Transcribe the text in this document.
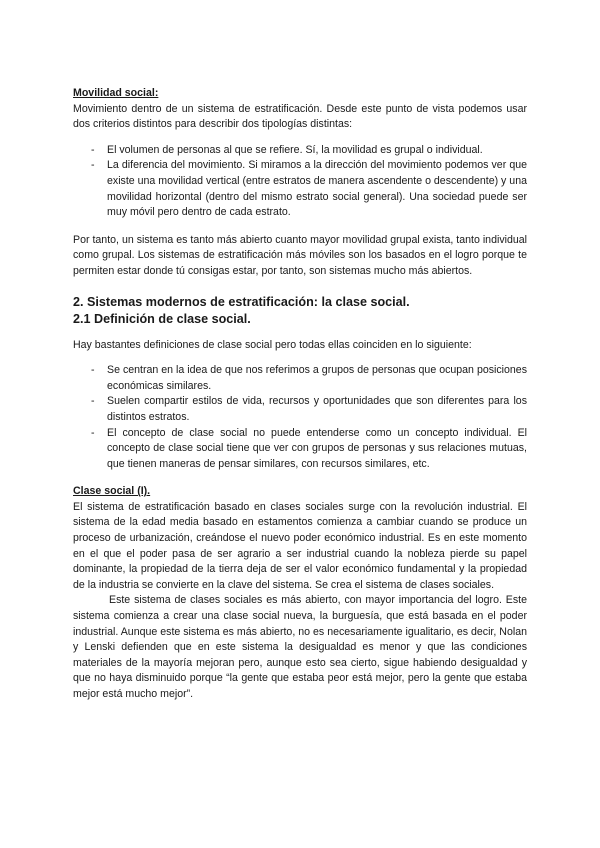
Movilidad social:

Movimiento dentro de un sistema de estratificación. Desde este punto de vista podemos usar dos criterios distintos para describir dos tipologías distintas:

- El volumen de personas al que se refiere. Sí, la movilidad es grupal o individual.
- La diferencia del movimiento. Si miramos a la dirección del movimiento podemos ver que existe una movilidad vertical (entre estratos de manera ascendente o descendente) y una movilidad horizontal (dentro del mismo estrato social general). Una sociedad puede ser muy móvil pero dentro de cada estrato.

Por tanto, un sistema es tanto más abierto cuanto mayor movilidad grupal exista, tanto individual como grupal. Los sistemas de estratificación más móviles son los basados en el logro porque te permiten estar donde tú consigas estar, por tanto, son sistemas mucho más abiertos.

2. Sistemas modernos de estratificación: la clase social.
2.1 Definición de clase social.

Hay bastantes definiciones de clase social pero todas ellas coinciden en lo siguiente:

- Se centran en la idea de que nos referimos a grupos de personas que ocupan posiciones económicas similares.
- Suelen compartir estilos de vida, recursos y oportunidades que son diferentes para los distintos estratos.
- El concepto de clase social no puede entenderse como un concepto individual. El concepto de clase social tiene que ver con grupos de personas y sus relaciones mutuas, que tienen maneras de pensar similares, con recursos similares, etc.

Clase social (I).

El sistema de estratificación basado en clases sociales surge con la revolución industrial. El sistema de la edad media basado en estamentos comienza a cambiar cuando se produce un proceso de urbanización, creándose el nuevo poder económico industrial. Es en este momento en el que el poder pasa de ser agrario a ser industrial cuando la nobleza pierde su papel dominante, la propiedad de la tierra deja de ser el valor económico fundamental y la propiedad de la industria se convierte en la clave del sistema. Se crea el sistema de clases sociales.

Este sistema de clases sociales es más abierto, con mayor importancia del logro. Este sistema comienza a crear una clase social nueva, la burguesía, que está basada en el poder industrial. Aunque este sistema es más abierto, no es necesariamente igualitario, es decir, Nolan y Lenski defienden que en este sistema la desigualdad es menor y que las condiciones materiales de la mayoría mejoran pero, aunque esto sea cierto, sigue habiendo desigualdad y que no haya disminuido porque “la gente que estaba peor está mejor, pero la gente que estaba mejor está mucho mejor”.
